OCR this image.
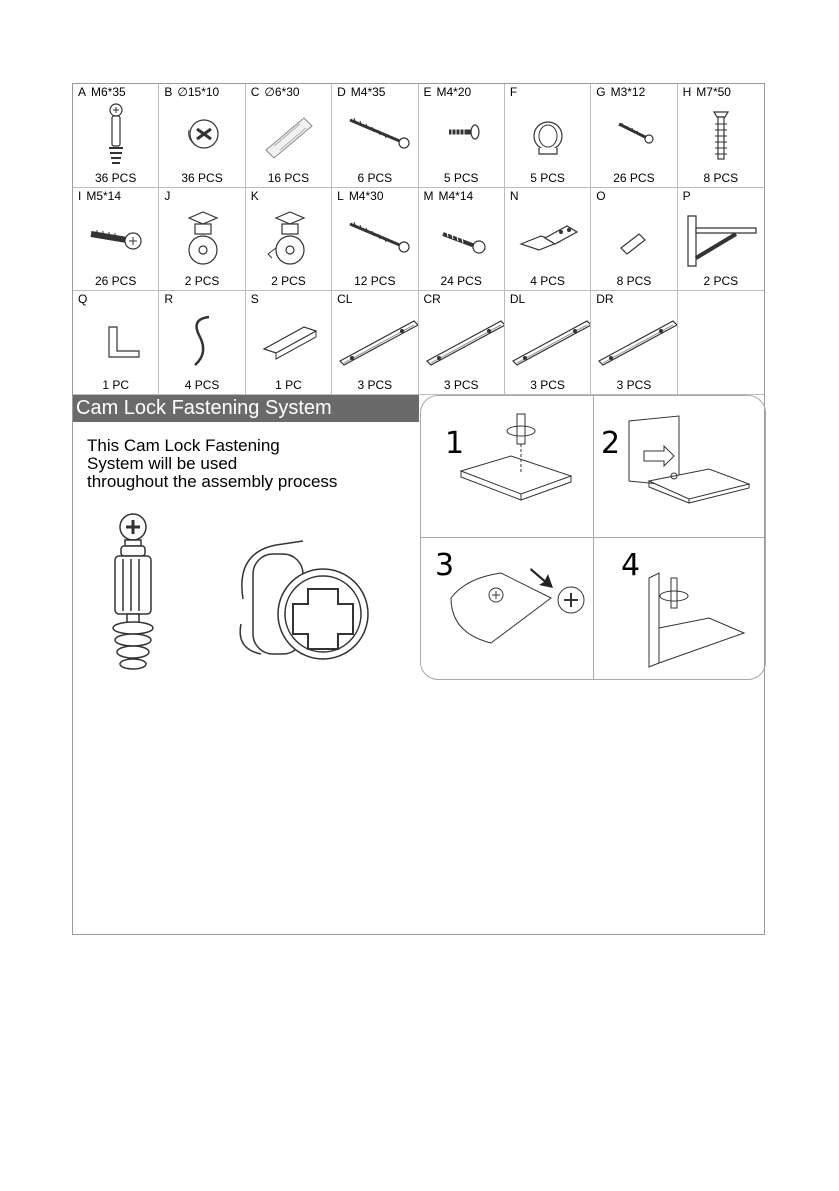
A M6*35
36 PCS
B ∅15*10
36 PCS
C ∅6*30
16 PCS
D M4*35
6 PCS
E M4*20
5 PCS
F
5 PCS
G M3*12
26 PCS
H M7*50
8 PCS
I M5*14
26 PCS
J
2 PCS
K
2 PCS
L M4*30
12 PCS
M M4*14
24 PCS
N
4 PCS
O
8 PCS
P
2 PCS
Q
1 PC
R
4 PCS
S
1 PC
CL
3 PCS
CR
3 PCS
DL
3 PCS
DR
3 PCS
Cam Lock Fastening System
This Cam Lock Fastening
System will be used
throughout the assembly process
1	2
3	4
